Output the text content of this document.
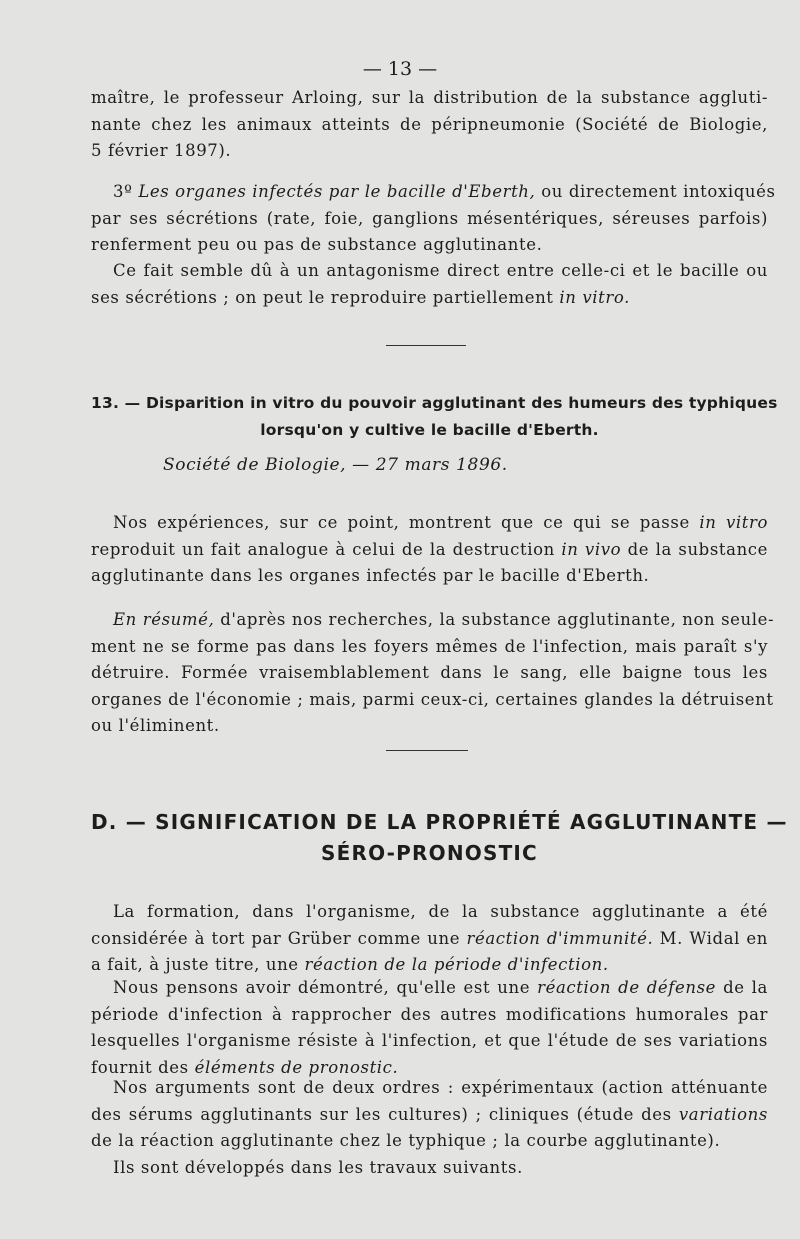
— 13 —
maître, le professeur Arloing, sur la distribution de la substance aggluti-
nante chez les animaux atteints de péripneumonie (Société de Biologie,
5 février 1897).
3º Les organes infectés par le bacille d'Eberth, ou directement intoxiqués
par ses sécrétions (rate, foie, ganglions mésentériques, séreuses parfois)
renferment peu ou pas de substance agglutinante.
Ce fait semble dû à un antagonisme direct entre celle-ci et le bacille ou
ses sécrétions ; on peut le reproduire partiellement in vitro.
13. — Disparition in vitro du pouvoir agglutinant des humeurs des typhiques
lorsqu'on y cultive le bacille d'Eberth.
Société de Biologie, — 27 mars 1896.
Nos expériences, sur ce point, montrent que ce qui se passe in vitro
reproduit un fait analogue à celui de la destruction in vivo de la substance
agglutinante dans les organes infectés par le bacille d'Eberth.
En résumé, d'après nos recherches, la substance agglutinante, non seule-
ment ne se forme pas dans les foyers mêmes de l'infection, mais paraît s'y
détruire. Formée vraisemblablement dans le sang, elle baigne tous les
organes de l'économie ; mais, parmi ceux-ci, certaines glandes la détruisent
ou l'éliminent.
D. — SIGNIFICATION DE LA PROPRIÉTÉ AGGLUTINANTE —
SÉRO-PRONOSTIC
La formation, dans l'organisme, de la substance agglutinante a été
considérée à tort par Grüber comme une réaction d'immunité. M. Widal en
a fait, à juste titre, une réaction de la période d'infection.
Nous pensons avoir démontré, qu'elle est une réaction de défense de la
période d'infection à rapprocher des autres modifications humorales par
lesquelles l'organisme résiste à l'infection, et que l'étude de ses variations
fournit des éléments de pronostic.
Nos arguments sont de deux ordres : expérimentaux (action atténuante
des sérums agglutinants sur les cultures) ; cliniques (étude des variations
de la réaction agglutinante chez le typhique ; la courbe agglutinante).
Ils sont développés dans les travaux suivants.
